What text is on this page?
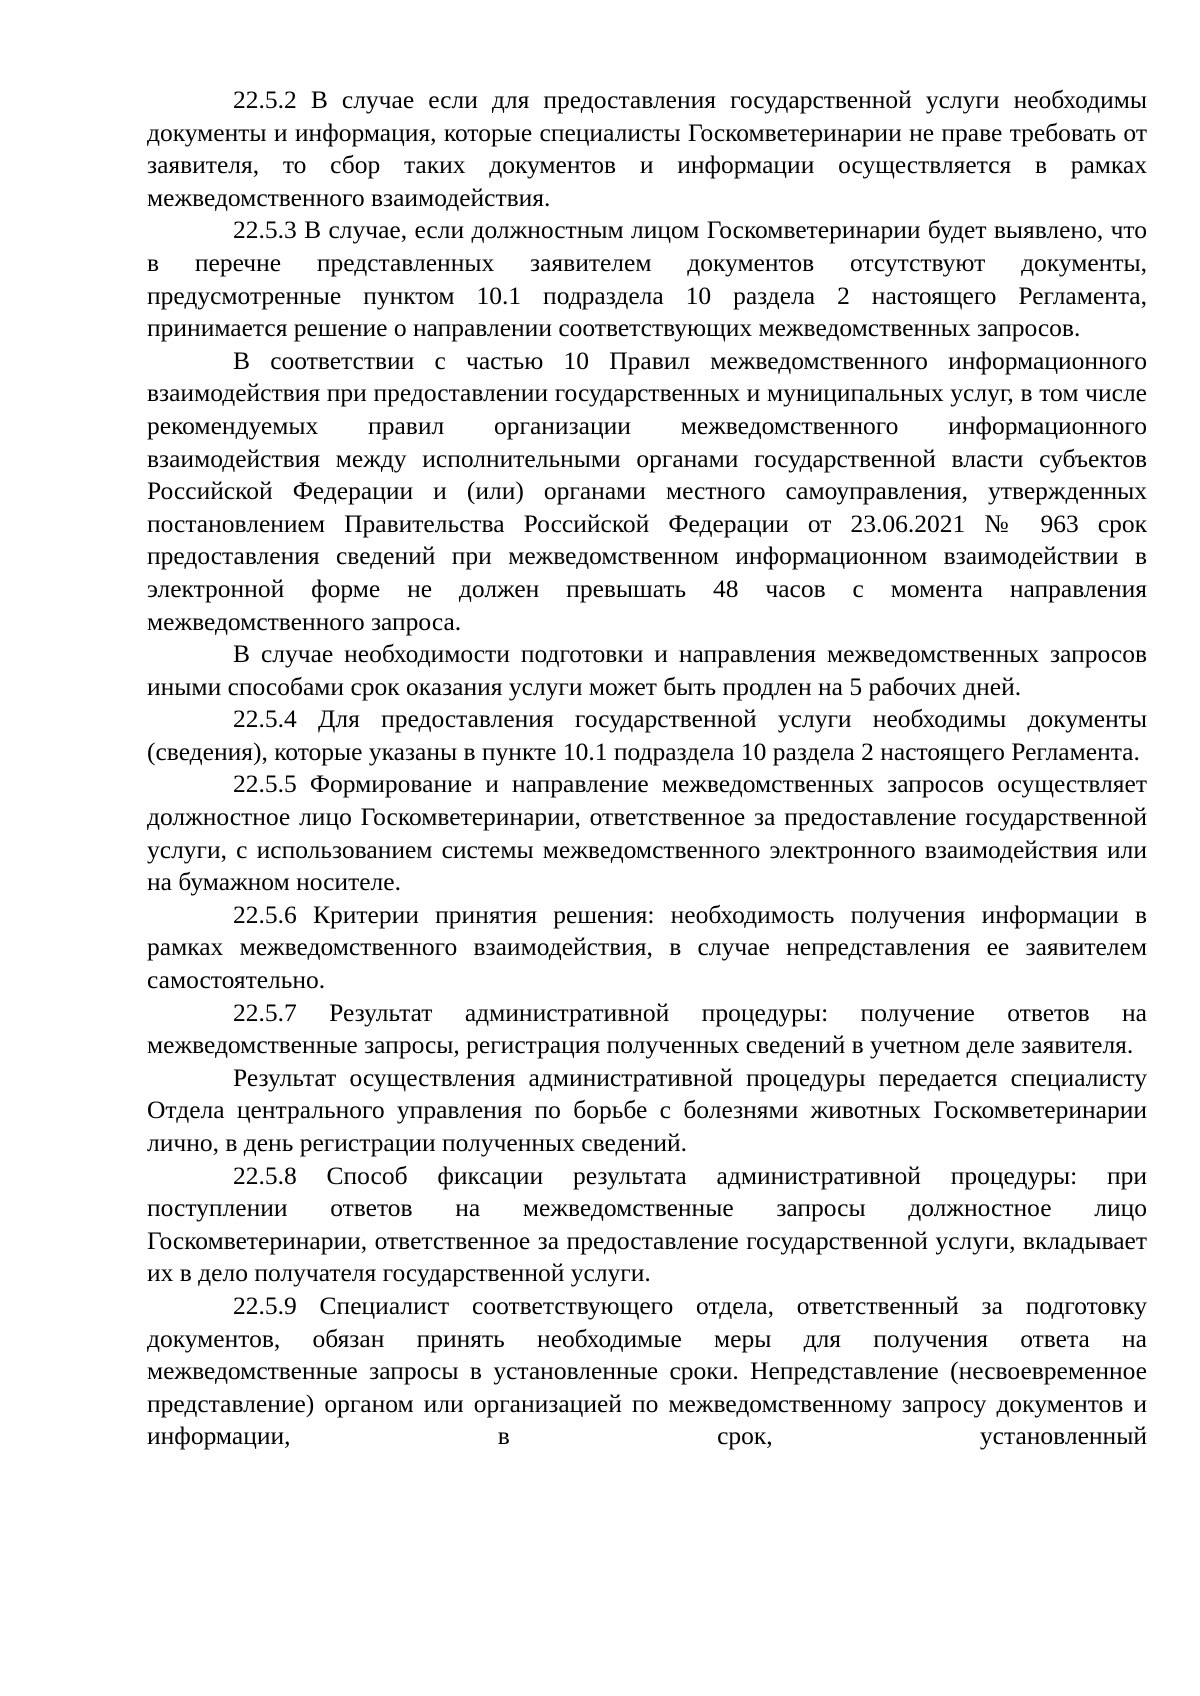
22.5.2 В случае если для предоставления государственной услуги необходимы документы и информация, которые специалисты Госкомветеринарии не праве требовать от заявителя, то сбор таких документов и информации осуществляется в рамках межведомственного взаимодействия.

22.5.3 В случае, если должностным лицом Госкомветеринарии будет выявлено, что в перечне представленных заявителем документов отсутствуют документы, предусмотренные пунктом 10.1 подраздела 10 раздела 2 настоящего Регламента, принимается решение о направлении соответствующих межведомственных запросов.

В соответствии с частью 10 Правил межведомственного информационного взаимодействия при предоставлении государственных и муниципальных услуг, в том числе рекомендуемых правил организации межведомственного информационного взаимодействия между исполнительными органами государственной власти субъектов Российской Федерации и (или) органами местного самоуправления, утвержденных постановлением Правительства Российской Федерации от 23.06.2021 № 963 срок предоставления сведений при межведомственном информационном взаимодействии в электронной форме не должен превышать 48 часов с момента направления межведомственного запроса.

В случае необходимости подготовки и направления межведомственных запросов иными способами срок оказания услуги может быть продлен на 5 рабочих дней.

22.5.4 Для предоставления государственной услуги необходимы документы (сведения), которые указаны в пункте 10.1 подраздела 10 раздела 2 настоящего Регламента.

22.5.5 Формирование и направление межведомственных запросов осуществляет должностное лицо Госкомветеринарии, ответственное за предоставление государственной услуги, с использованием системы межведомственного электронного взаимодействия или на бумажном носителе.

22.5.6 Критерии принятия решения: необходимость получения информации в рамках межведомственного взаимодействия, в случае непредставления ее заявителем самостоятельно.

22.5.7 Результат административной процедуры: получение ответов на межведомственные запросы, регистрация полученных сведений в учетном деле заявителя.

Результат осуществления административной процедуры передается специалисту Отдела центрального управления по борьбе с болезнями животных Госкомветеринарии лично, в день регистрации полученных сведений.

22.5.8 Способ фиксации результата административной процедуры: при поступлении ответов на межведомственные запросы должностное лицо Госкомветеринарии, ответственное за предоставление государственной услуги, вкладывает их в дело получателя государственной услуги.

22.5.9 Специалист соответствующего отдела, ответственный за подготовку документов, обязан принять необходимые меры для получения ответа на межведомственные запросы в установленные сроки. Непредставление (несвоевременное представление) органом или организацией по межведомственному запросу документов и информации, в срок, установленный
